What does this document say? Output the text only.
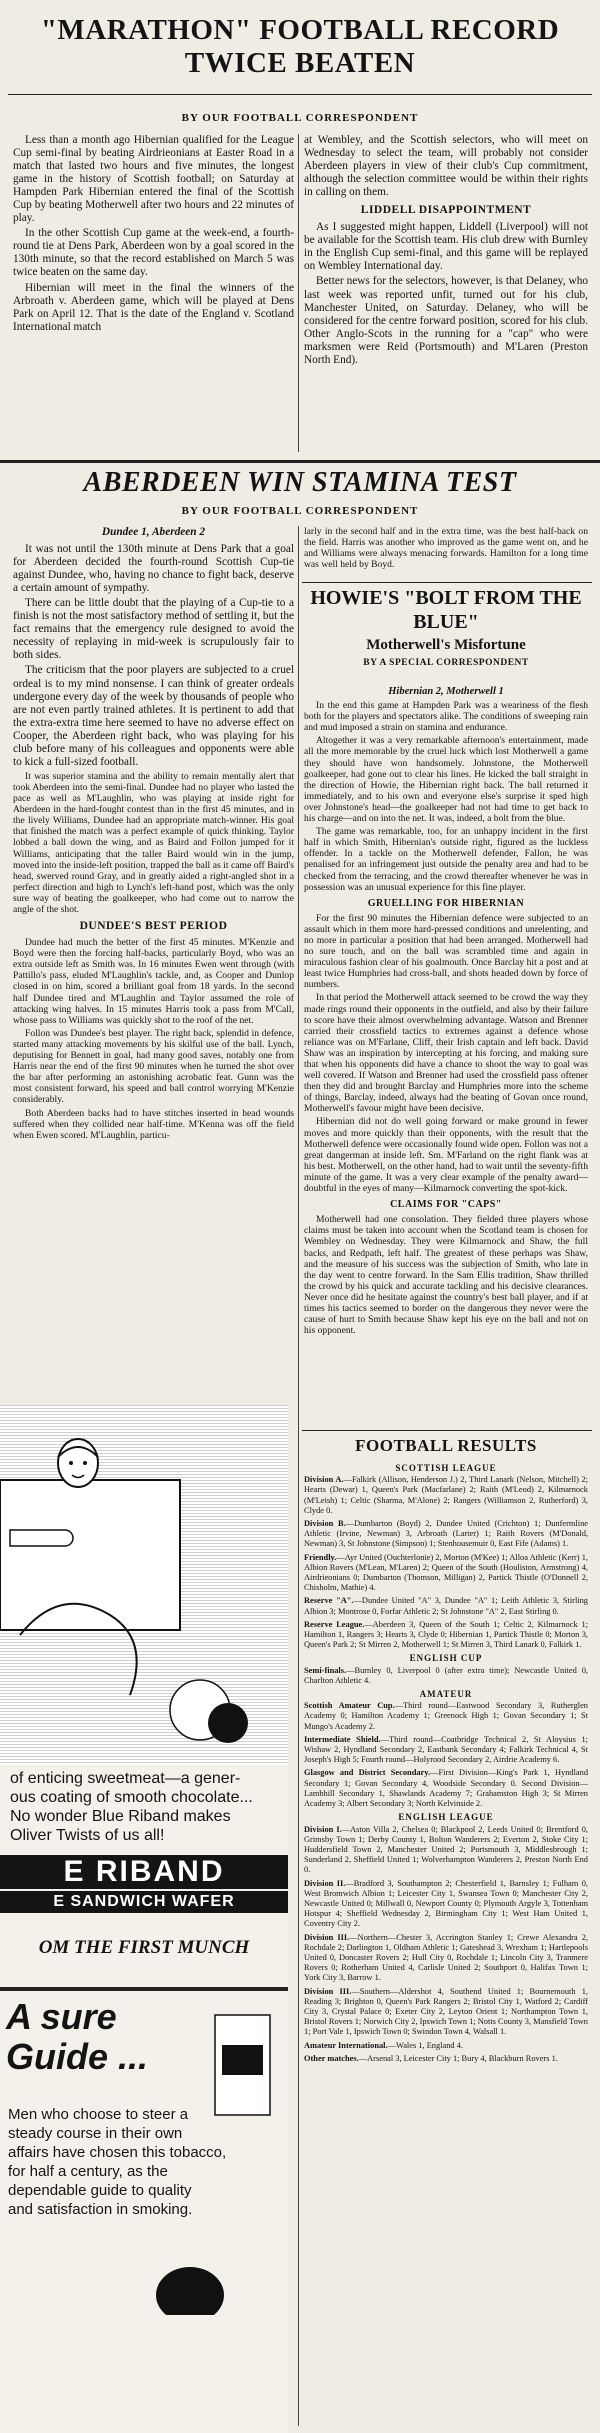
"MARATHON" FOOTBALL RECORD TWICE BEATEN
BY OUR FOOTBALL CORRESPONDENT

Less than a month ago Hibernian qualified for the League Cup semi-final by beating Airdrieonians at Easter Road in a match that lasted two hours and five minutes, the longest game in the history of Scottish football; on Saturday at Hampden Park Hibernian entered the final of the Scottish Cup by beating Motherwell after two hours and 22 minutes of play.

In the other Scottish Cup game at the week-end, a fourth-round tie at Dens Park, Aberdeen won by a goal scored in the 130th minute, so that the record established on March 5 was twice beaten on the same day.

Hibernian will meet in the final the winners of the Arbroath v. Aberdeen game, which will be played at Dens Park on April 12. That is the date of the England v. Scotland International match

at Wembley, and the Scottish selectors, who will meet on Wednesday to select the team, will probably not consider Aberdeen players in view of their club's Cup commitment, although the selection committee would be within their rights in calling on them.

LIDDELL DISAPPOINTMENT

As I suggested might happen, Liddell (Liverpool) will not be available for the Scottish team. His club drew with Burnley in the English Cup semi-final, and this game will be replayed on Wembley International day.

Better news for the selectors, however, is that Delaney, who last week was reported unfit, turned out for his club, Manchester United, on Saturday. Delaney, who will be considered for the centre forward position, scored for his club. Other Anglo-Scots in the running for a "cap" who were marksmen were Reid (Portsmouth) and M'Laren (Preston North End).

ABERDEEN WIN STAMINA TEST
BY OUR FOOTBALL CORRESPONDENT
Dundee 1, Aberdeen 2

It was not until the 130th minute at Dens Park that a goal for Aberdeen decided the fourth-round Scottish Cup-tie against Dundee, who, having no chance to fight back, deserve a certain amount of sympathy.

There can be little doubt that the playing of a Cup-tie to a finish is not the most satisfactory method of settling it, but the fact remains that the emergency rule designed to avoid the necessity of replaying in mid-week is scrupulously fair to both sides.

The criticism that the poor players are subjected to a cruel ordeal is to my mind nonsense. I can think of greater ordeals undergone every day of the week by thousands of people who are not even partly trained athletes. It is pertinent to add that the extra-extra time here seemed to have no adverse effect on Cooper, the Aberdeen right back, who was playing for his club before many of his colleagues and opponents were able to kick a full-sized football.

It was superior stamina and the ability to remain mentally alert that took Aberdeen into the semi-final. Dundee had no player who lasted the pace as well as M'Laughlin, who was playing at inside right for Aberdeen in the hard-fought contest than in the first 45 minutes, and in the lively Williams, Dundee had an appropriate match-winner. His goal that finished the match was a perfect example of quick thinking. Taylor lobbed a ball down the wing, and as Baird and Follon jumped for it Williams, anticipating that the taller Baird would win in the jump, moved into the inside-left position, trapped the ball as it came off Baird's head, swerved round Gray, and in greatly aided a right-angled shot in a perfect direction and high to Lynch's left-hand post, which was the only sure way of beating the goalkeeper, who had come out to narrow the angle of the shot.

DUNDEE'S BEST PERIOD

Dundee had much the better of the first 45 minutes. M'Kenzie and Boyd were then the forcing half-backs, particularly Boyd, who was an extra outside left as Smith was. In 16 minutes Ewen went through (with Pattillo's pass, eluded M'Laughlin's tackle, and, as Cooper and Dunlop closed in on him, scored a brilliant goal from 18 yards. In the second half Dundee tired and M'Laughlin and Taylor assumed the role of attacking wing halves. In 15 minutes Harris took a pass from M'Call, whose pass to Williams was quickly shot to the roof of the net.

Follon was Dundee's best player. The right back, splendid in defence, started many attacking movements by his skilful use of the ball. Lynch, deputising for Bennett in goal, had many good saves, notably one from Harris near the end of the first 90 minutes when he turned the shot over the bar after performing an astonishing acrobatic feat. Gunn was the most consistent forward, his speed and ball control worrying M'Kenzie considerably.

Both Aberdeen backs had to have stitches inserted in head wounds suffered when they collided near half-time. M'Kenna was off the field when Ewen scored. M'Laughlin, particu-

larly in the second half and in the extra time, was the best half-back on the field. Harris was another who improved as the game went on, and he and Williams were always menacing forwards. Hamilton for a long time was well held by Boyd.

HOWIE'S "BOLT FROM THE BLUE"
Motherwell's Misfortune
BY A SPECIAL CORRESPONDENT
Hibernian 2, Motherwell 1

In the end this game at Hampden Park was a weariness of the flesh both for the players and spectators alike. The conditions of sweeping rain and mud imposed a strain on stamina and endurance.

Altogether it was a very remarkable afternoon's entertainment, made all the more memorable by the cruel luck which lost Motherwell a game they should have won handsomely. Johnstone, the Motherwell goalkeeper, had gone out to clear his lines. He kicked the ball straight in the direction of Howie, the Hibernian right back. The ball returned it immediately, and to his own and everyone else's surprise it sped high over Johnstone's head—the goalkeeper had not had time to get back to his charge—and on into the net. It was, indeed, a bolt from the blue.

The game was remarkable, too, for an unhappy incident in the first half in which Smith, Hibernian's outside right, figured as the luckless offender. In a tackle on the Motherwell defender, Fallon, he was penalised for an infringement just outside the penalty area and had to be checked from the terracing, and the crowd thereafter whenever he was in possession was an unusual experience for this fine player.

GRUELLING FOR HIBERNIAN

For the first 90 minutes the Hibernian defence were subjected to an assault which in them more hard-pressed conditions and unrelenting, and no more in particular a position that had been arranged. Motherwell had no sure touch, and on the ball was scrambled time and again in miraculous fashion clear of his goalmouth. Once Barclay hit a post and at least twice Humphries had cross-ball, and shots headed down by force of numbers.

In that period the Motherwell attack seemed to be crowd the way they made rings round their opponents in the outfield, and also by their failure to score have their almost overwhelming advantage. Watson and Brenner carried their crossfield tactics to extremes against a defence whose reliance was on M'Farlane, Cliff, their Irish captain and left back. David Shaw was an inspiration by intercepting at his forcing, and making sure that when his opponents did have a chance to shoot the way to goal was well covered. If Watson and Brenner had used the crossfield pass oftener then they did and brought Barclay and Humphries more into the scheme of things, Barclay, indeed, always had the beating of Govan once round, Motherwell's favour might have been decisive.

Hibernian did not do well going forward or make ground in fewer moves and more quickly than their opponents, with the result that the Motherwell defence were occasionally found wide open. Follon was not a great dangerman at inside left. Sm. M'Farland on the right flank was at his best. Motherwell, on the other hand, had to wait until the seventy-fifth minute of the game. It was a very clear example of the penalty award—doubtful in the eyes of many—Kilmarnock converting the spot-kick.

CLAIMS FOR "CAPS"

Motherwell had one consolation. They fielded three players whose claims must be taken into account when the Scotland team is chosen for Wembley on Wednesday. They were Kilmarnock and Shaw, the full backs, and Redpath, left half. The greatest of these perhaps was Shaw, and the measure of his success was the subjection of Smith, who late in the day went to centre forward. In the Sam Ellis tradition, Shaw thrilled the crowd by his quick and accurate tackling and his decisive clearances. Never once did he hesitate against the country's best ball player, and if at times his tactics seemed to border on the dangerous they never were the cause of hurt to Smith because Shaw kept his eye on the ball and not on his opponent.

FOOTBALL RESULTS
SCOTTISH LEAGUE

Division A.—Falkirk (Allison, Henderson J.) 2, Third Lanark (Nelson, Mitchell) 2; Hearts (Dewar) 1, Queen's Park (Macfarlane) 2; Raith (M'Leod) 2, Kilmarnock (M'Leish) 1; Celtic (Sharma, M'Alone) 2; Rangers (Williamson 2, Rutherford) 3, Clyde 0.

Division B.—Dumbarton (Boyd) 2, Dundee United (Crichton) 1; Dunfermline Athletic (Irvine, Newman) 3, Arbroath (Larter) 1; Raith Rovers (M'Donald, Newman) 3, St Johnstone (Simpson) 1; Stenhousemuir 0, East Fife (Adams) 1.

Friendly.—Ayr United (Ouchterlonie) 2, Morton (M'Kee) 1; Alloa Athletic (Kerr) 1, Albion Rovers (M'Lean, M'Laren) 2; Queen of the South (Houliston, Armstrong) 4, Airdrieonians 0; Dumbarton (Thomson, Milligan) 2, Partick Thistle (O'Donnell 2, Chisholm, Mathie) 4.

Reserve "A".—Dundee United "A" 3, Dundee "A" 1; Leith Athletic 3, Stirling Albion 3; Montrose 0, Forfar Athletic 2; St Johnstone "A" 2, East Stirling 0.

Reserve League.—Aberdeen 3, Queen of the South 1; Celtic 2, Kilmarnock 1; Hamilton 1, Rangers 3; Hearts 3, Clyde 0; Hibernian 1, Partick Thistle 0; Morton 3, Queen's Park 2; St Mirren 2, Motherwell 1; St Mirren 3, Third Lanark 0, Falkirk 1.

ENGLISH CUP

Semi-finals.—Burnley 0, Liverpool 0 (after extra time); Newcastle United 0, Charlton Athletic 4.

AMATEUR

Scottish Amateur Cup.—Third round—Eastwood Secondary 3, Rutherglen Academy 0; Hamilton Academy 1; Greenock High 1; Govan Secondary 1; St Mungo's Academy 2.

Intermediate Shield.—Third round—Coatbridge Technical 2, St Aloysius 1; Wishaw 2, Hyndland Secondary 2, Eastbank Secondary 4; Falkirk Technical 4, St Joseph's High 5; Fourth round—Holyrood Secondary 2, Airdrie Academy 6.

Glasgow and District Secondary.—First Division—King's Park 1, Hyndland Secondary 1; Govan Secondary 4, Woodside Secondary 0. Second Division—Lambhill Secondary 1, Shawlands Academy 7; Grahamston High 3; St Mirren Academy 3; Albert Secondary 3; North Kelvinside 2.

ENGLISH LEAGUE

Division I.—Aston Villa 2, Chelsea 0; Blackpool 2, Leeds United 0; Brentford 0, Grimsby Town 1; Derby County 1, Bolton Wanderers 2; Everton 2, Stoke City 1; Huddersfield Town 2, Manchester United 2; Portsmouth 3, Middlesbrough 1; Sunderland 2, Sheffield United 1; Wolverhampton Wanderers 2, Preston North End 0.

Division II.—Bradford 3, Southampton 2; Chesterfield 1, Barnsley 1; Fulham 0, West Bromwich Albion 1; Leicester City 1, Swansea Town 0; Manchester City 2, Newcastle United 0; Millwall 0, Newport County 0; Plymouth Argyle 3, Tottenham Hotspur 4; Sheffield Wednesday 2, Birmingham City 1; West Ham United 1, Coventry City 2.

Division III.—Northern—Chester 3, Accrington Stanley 1; Crewe Alexandra 2, Rochdale 2; Darlington 1, Oldham Athletic 1; Gateshead 3, Wrexham 1; Hartlepools United 0, Doncaster Rovers 2; Hull City 0, Rochdale 1; Lincoln City 3, Tranmere Rovers 0; Rotherham United 4, Carlisle United 2; Southport 0, Halifax Town 1; York City 3, Barrow 1.

Division III.—Southern—Aldershot 4, Southend United 1; Bournemouth 1, Reading 3; Brighton 0, Queen's Park Rangers 2; Bristol City 1, Watford 2; Cardiff City 3, Crystal Palace 0; Exeter City 2, Leyton Orient 1; Northampton Town 1, Bristol Rovers 1; Norwich City 2, Ipswich Town 1; Notts County 3, Mansfield Town 1; Port Vale 1, Ipswich Town 0; Swindon Town 4, Walsall 1.

Amateur International.—Wales 1, England 4.

Other matches.—Arsenal 3, Leicester City 1; Bury 4, Blackburn Rovers 1.

of enticing sweetmeat—a gener-
ous coating of smooth chocolate...
No wonder Blue Riband makes
Oliver Twists of us all!
E RIBAND
E SANDWICH WAFER
OM THE FIRST MUNCH
A sure Guide ...
Men who choose to steer a
steady course in their own
affairs have chosen this tobacco,
for half a century, as the
dependable guide to quality
and satisfaction in smoking.
